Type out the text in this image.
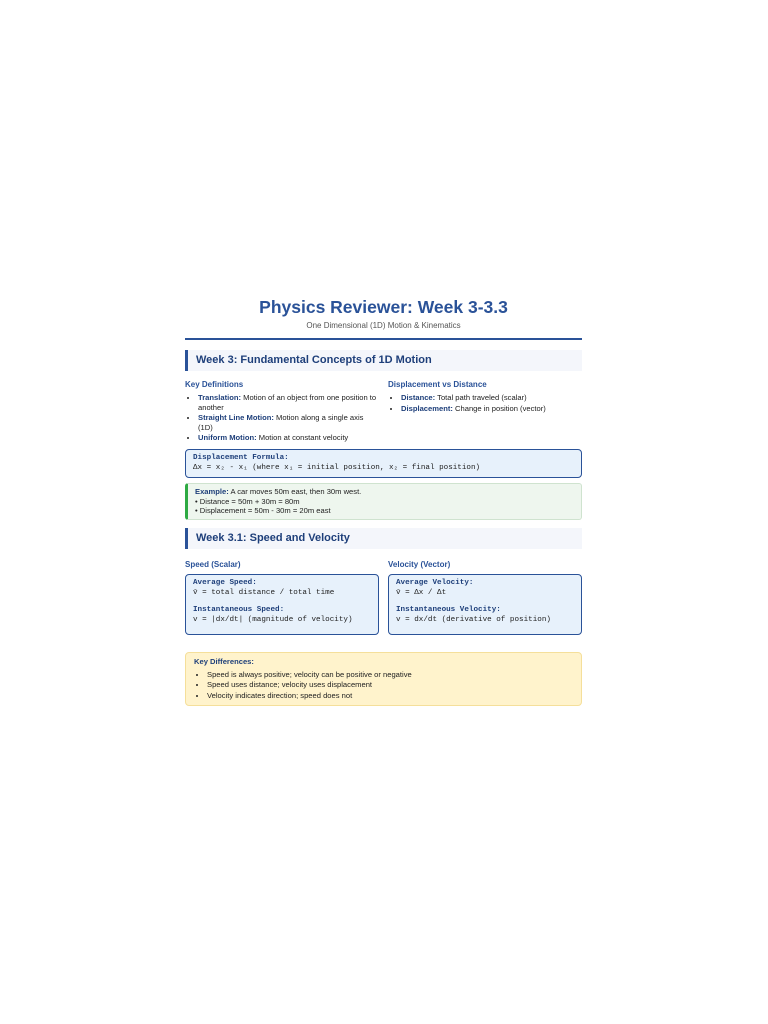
Physics Reviewer: Week 3-3.3
One Dimensional (1D) Motion & Kinematics
Week 3: Fundamental Concepts of 1D Motion
Key Definitions
• Translation: Motion of an object from one position to another
• Straight Line Motion: Motion along a single axis (1D)
• Uniform Motion: Motion at constant velocity
Displacement vs Distance
• Distance: Total path traveled (scalar)
• Displacement: Change in position (vector)
Displacement Formula:
Δx = x₂ - x₁ (where x₁ = initial position, x₂ = final position)
Example: A car moves 50m east, then 30m west.
• Distance = 50m + 30m = 80m
• Displacement = 50m - 30m = 20m east
Week 3.1: Speed and Velocity
Speed (Scalar)
Average Speed:
v̄ = total distance / total time
Instantaneous Speed:
v = |dx/dt| (magnitude of velocity)
Velocity (Vector)
Average Velocity:
v̄ = Δx / Δt
Instantaneous Velocity:
v = dx/dt (derivative of position)
Key Differences:
• Speed is always positive; velocity can be positive or negative
• Speed uses distance; velocity uses displacement
• Velocity indicates direction; speed does not
